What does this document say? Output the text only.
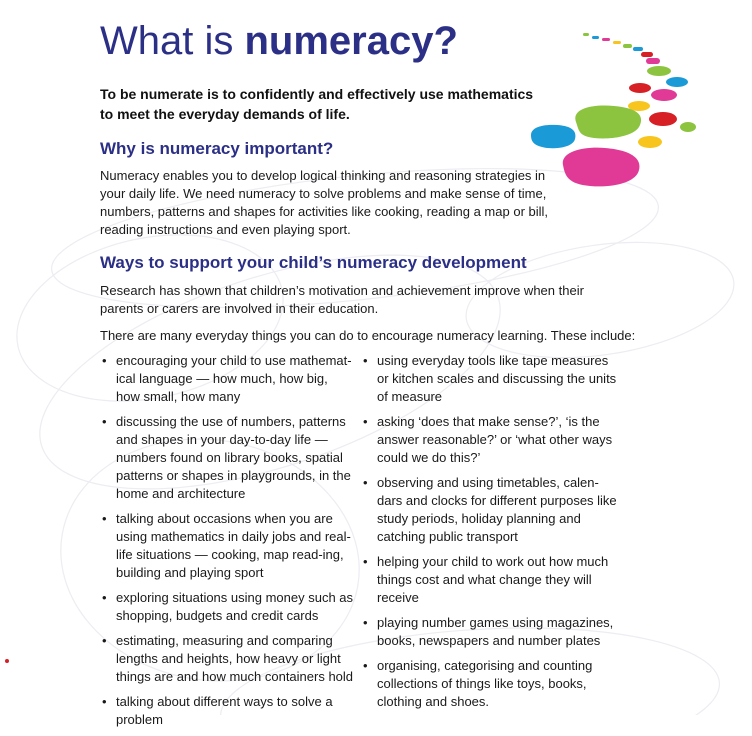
What is numeracy?

To be numerate is to confidently and effectively use mathematics to meet the everyday demands of life.

Why is numeracy important?

Numeracy enables you to develop logical thinking and reasoning strategies in your daily life. We need numeracy to solve problems and make sense of time, numbers, patterns and shapes for activities like cooking, reading a map or bill, reading instructions and even playing sport.

Ways to support your child’s numeracy development

Research has shown that children’s motivation and achievement improve when their parents or carers are involved in their education.

There are many everyday things you can do to encourage numeracy learning. These include:

• encouraging your child to use mathemat-ical language — how much, how big, how small, how many
• discussing the use of numbers, patterns and shapes in your day-to-day life — numbers found on library books, spatial patterns or shapes in playgrounds, in the home and architecture
• talking about occasions when you are using mathematics in daily jobs and real-life situations — cooking, map read-ing, building and playing sport
• exploring situations using money such as shopping, budgets and credit cards
• estimating, measuring and comparing lengths and heights, how heavy or light things are and how much containers hold
• talking about different ways to solve a problem
• using everyday tools like tape measures or kitchen scales and discussing the units of measure
• asking ‘does that make sense?’, ‘is the answer reasonable?’ or ‘what other ways could we do this?’
• observing and using timetables, calen-dars and clocks for different purposes like study periods, holiday planning and catching public transport
• helping your child to work out how much things cost and what change they will receive
• playing number games using magazines, books, newspapers and number plates
• organising, categorising and counting collections of things like toys, books, clothing and shoes.
